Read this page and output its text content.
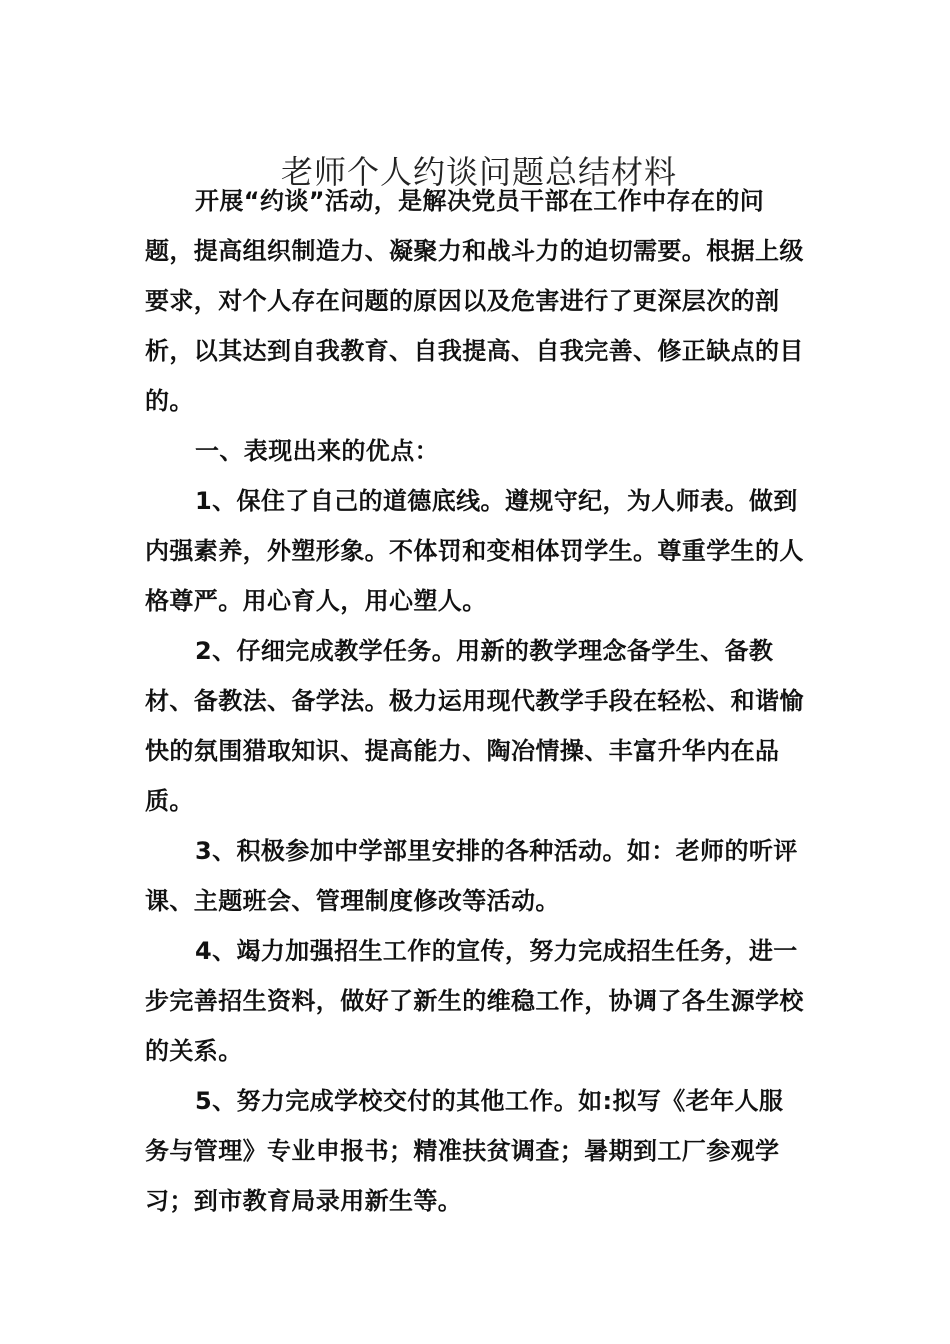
老师个人约谈问题总结材料

开展“约谈”活动，是解决党员干部在工作中存在的问题，提高组织制造力、凝聚力和战斗力的迫切需要。根据上级要求，对个人存在问题的原因以及危害进行了更深层次的剖析，以其达到自我教育、自我提高、自我完善、修正缺点的目的。

一、表现出来的优点：

1、保住了自己的道德底线。遵规守纪，为人师表。做到内强素养，外塑形象。不体罚和变相体罚学生。尊重学生的人格尊严。用心育人，用心塑人。

2、仔细完成教学任务。用新的教学理念备学生、备教材、备教法、备学法。极力运用现代教学手段在轻松、和谐愉快的氛围猎取知识、提高能力、陶冶情操、丰富升华内在品质。

3、积极参加中学部里安排的各种活动。如：老师的听评课、主题班会、管理制度修改等活动。

4、竭力加强招生工作的宣传，努力完成招生任务，进一步完善招生资料，做好了新生的维稳工作，协调了各生源学校的关系。

5、努力完成学校交付的其他工作。如:拟写《老年人服务与管理》专业申报书；精准扶贫调查；暑期到工厂参观学习；到市教育局录用新生等。
